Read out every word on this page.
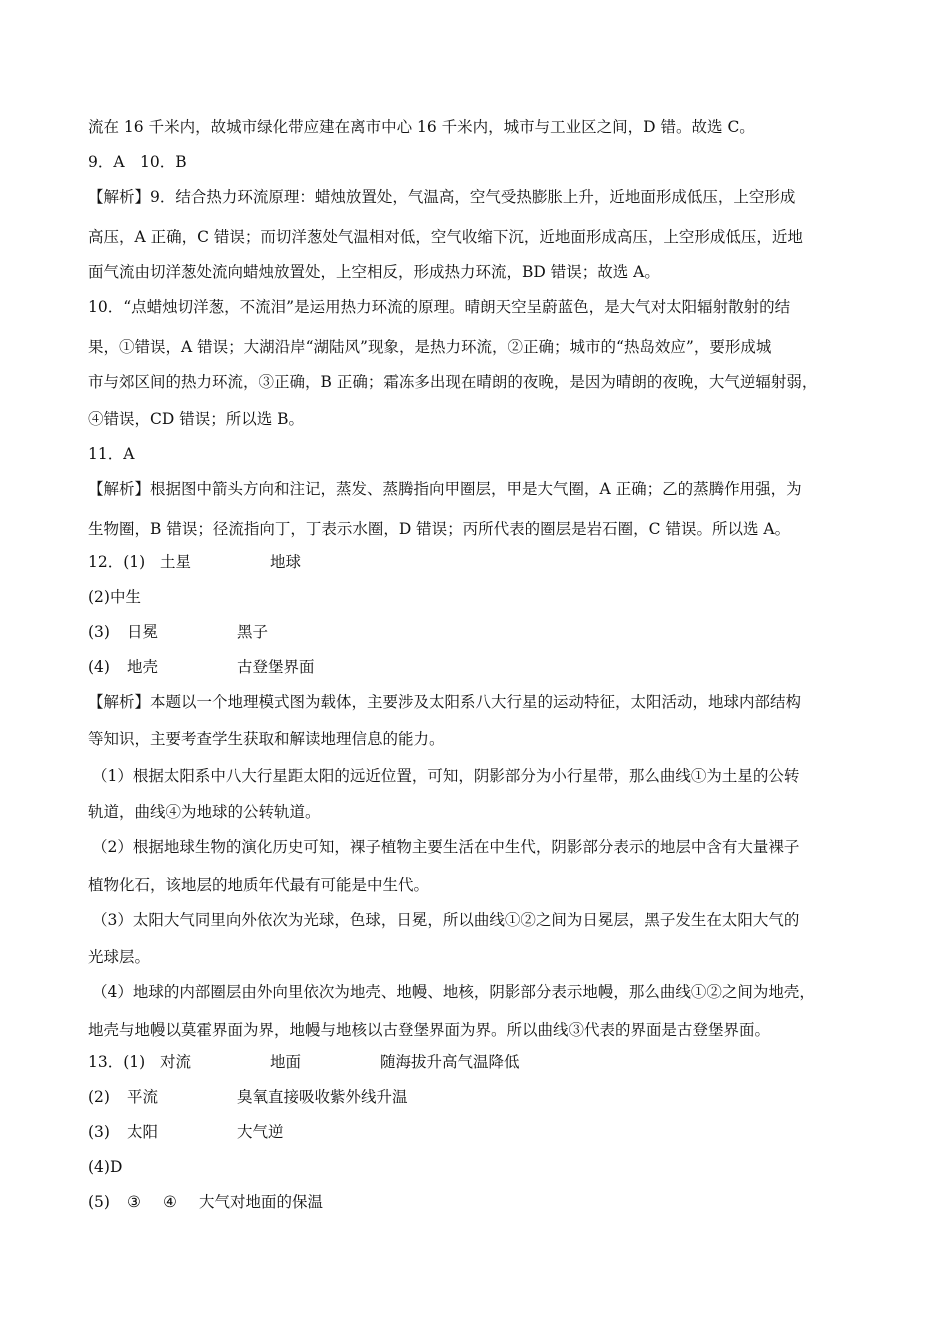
流在 16 千米内，故城市绿化带应建在离市中心 16 千米内，城市与工业区之间，D 错。故选 C。
9．A　10．B
【解析】9．结合热力环流原理：蜡烛放置处，气温高，空气受热膨胀上升，近地面形成低压，上空形成
高压，A 正确，C 错误；而切洋葱处气温相对低，空气收缩下沉，近地面形成高压，上空形成低压，近地
面气流由切洋葱处流向蜡烛放置处，上空相反，形成热力环流，BD 错误；故选 A。
10．“点蜡烛切洋葱，不流泪”是运用热力环流的原理。晴朗天空呈蔚蓝色，是大气对太阳辐射散射的结
果，①错误，A 错误；大湖沿岸“湖陆风”现象，是热力环流，②正确；城市的“热岛效应”，要形成城
市与郊区间的热力环流，③正确，B 正确；霜冻多出现在晴朗的夜晚，是因为晴朗的夜晚，大气逆辐射弱，
④错误，CD 错误；所以选 B。
11．A
【解析】根据图中箭头方向和注记，蒸发、蒸腾指向甲圈层，甲是大气圈，A 正确；乙的蒸腾作用强，为
生物圈，B 错误；径流指向丁，丁表示水圈，D 错误；丙所代表的圈层是岩石圈，C 错误。所以选 A。
12．(1) 土星	地球
(2)中生
(3) 日冕	黑子
(4) 地壳	古登堡界面
【解析】本题以一个地理模式图为载体，主要涉及太阳系八大行星的运动特征，太阳活动，地球内部结构
等知识，主要考查学生获取和解读地理信息的能力。
（1）根据太阳系中八大行星距太阳的远近位置，可知，阴影部分为小行星带，那么曲线①为土星的公转
轨道，曲线④为地球的公转轨道。
（2）根据地球生物的演化历史可知，裸子植物主要生活在中生代，阴影部分表示的地层中含有大量裸子
植物化石，该地层的地质年代最有可能是中生代。
（3）太阳大气同里向外依次为光球，色球，日冕，所以曲线①②之间为日冕层，黑子发生在太阳大气的
光球层。
（4）地球的内部圈层由外向里依次为地壳、地幔、地核，阴影部分表示地幔，那么曲线①②之间为地壳，
地壳与地幔以莫霍界面为界，地幔与地核以古登堡界面为界。所以曲线③代表的界面是古登堡界面。
13．(1) 对流	地面	随海拔升高气温降低
(2) 平流	臭氧直接吸收紫外线升温
(3) 太阳	大气逆
(4)D
(5) ③ ④ 大气对地面的保温
